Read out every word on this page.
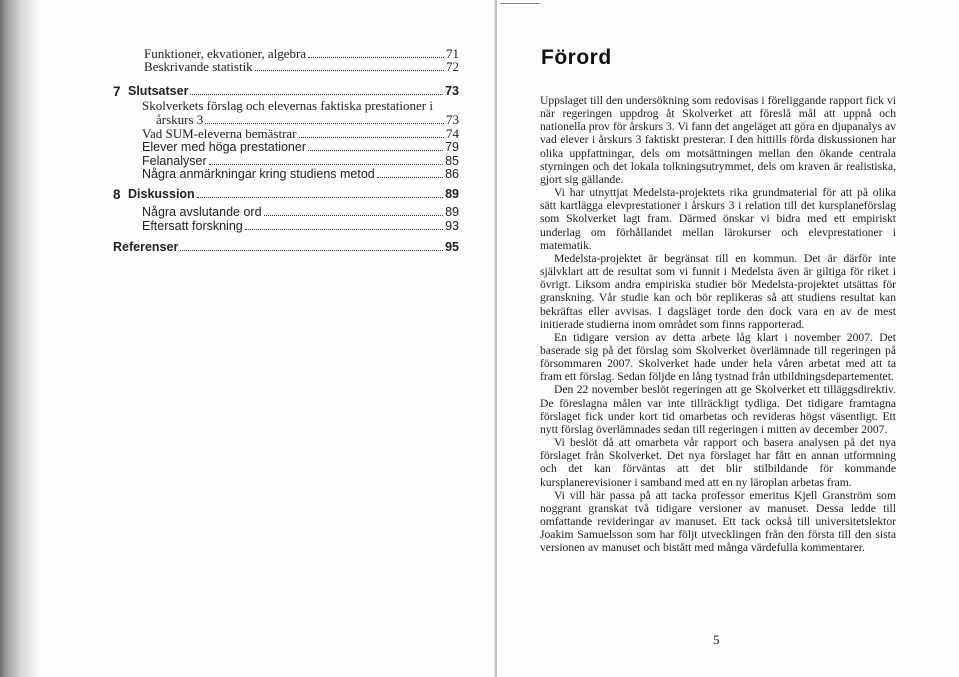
Funktioner, ekvationer, algebra	71
Beskrivande statistik	72
7 Slutsatser	73
Skolverkets förslag och elevernas faktiska prestationer i
årskurs 3	73
Vad SUM-eleverna bemästrar	74
Elever med höga prestationer	79
Felanalyser	85
Några anmärkningar kring studiens metod	86
8 Diskussion	89
Några avslutande ord	89
Eftersatt forskning	93
Referenser	95
Förord

Uppslaget till den undersökning som redovisas i föreliggande rapport fick vi när regeringen uppdrog åt Skolverket att föreslå mål att uppnå och nationella prov för årskurs 3. Vi fann det angeläget att göra en djupanalys av vad elever i årskurs 3 faktiskt presterar. I den hittills förda diskussionen har olika uppfattningar, dels om motsättningen mellan den ökande centrala styrningen och det lokala tolkningsutrymmet, dels om kraven är realistiska, gjort sig gällande.

Vi har utnyttjat Medelsta-projektets rika grundmaterial för att på olika sätt kartlägga elevprestationer i årskurs 3 i relation till det kursplaneförslag som Skolverket lagt fram. Därmed önskar vi bidra med ett empiriskt underlag om förhållandet mellan lärokurser och elevprestationer i matematik.

Medelsta-projektet är begränsat till en kommun. Det är därför inte självklart att de resultat som vi funnit i Medelsta även är giltiga för riket i övrigt. Liksom andra empiriska studier bör Medelsta-projektet utsättas för granskning. Vår studie kan och bör replikeras så att studiens resultat kan bekräftas eller avvisas. I dagsläget torde den dock vara en av de mest initierade studierna inom området som finns rapporterad.

En tidigare version av detta arbete låg klart i november 2007. Det baserade sig på det förslag som Skolverket överlämnade till regeringen på försommaren 2007. Skolverket hade under hela våren arbetat med att ta fram ett förslag. Sedan följde en lång tystnad från utbildningsdepartementet.

Den 22 november beslöt regeringen att ge Skolverket ett tilläggsdirektiv. De föreslagna målen var inte tillräckligt tydliga. Det tidigare framtagna förslaget fick under kort tid omarbetas och revideras högst väsentligt. Ett nytt förslag överlämnades sedan till regeringen i mitten av december 2007.

Vi beslöt då att omarbeta vår rapport och basera analysen på det nya förslaget från Skolverket. Det nya förslaget har fått en annan utformning och det kan förväntas att det blir stilbildande för kommande kursplanerevisioner i samband med att en ny läroplan arbetas fram.

Vi vill här passa på att tacka professor emeritus Kjell Granström som noggrant granskat två tidigare versioner av manuset. Dessa ledde till omfattande revideringar av manuset. Ett tack också till universitetslektor Joakim Samuelsson som har följt utvecklingen från den första till den sista versionen av manuset och bistått med många värdefulla kommentarer.

5
